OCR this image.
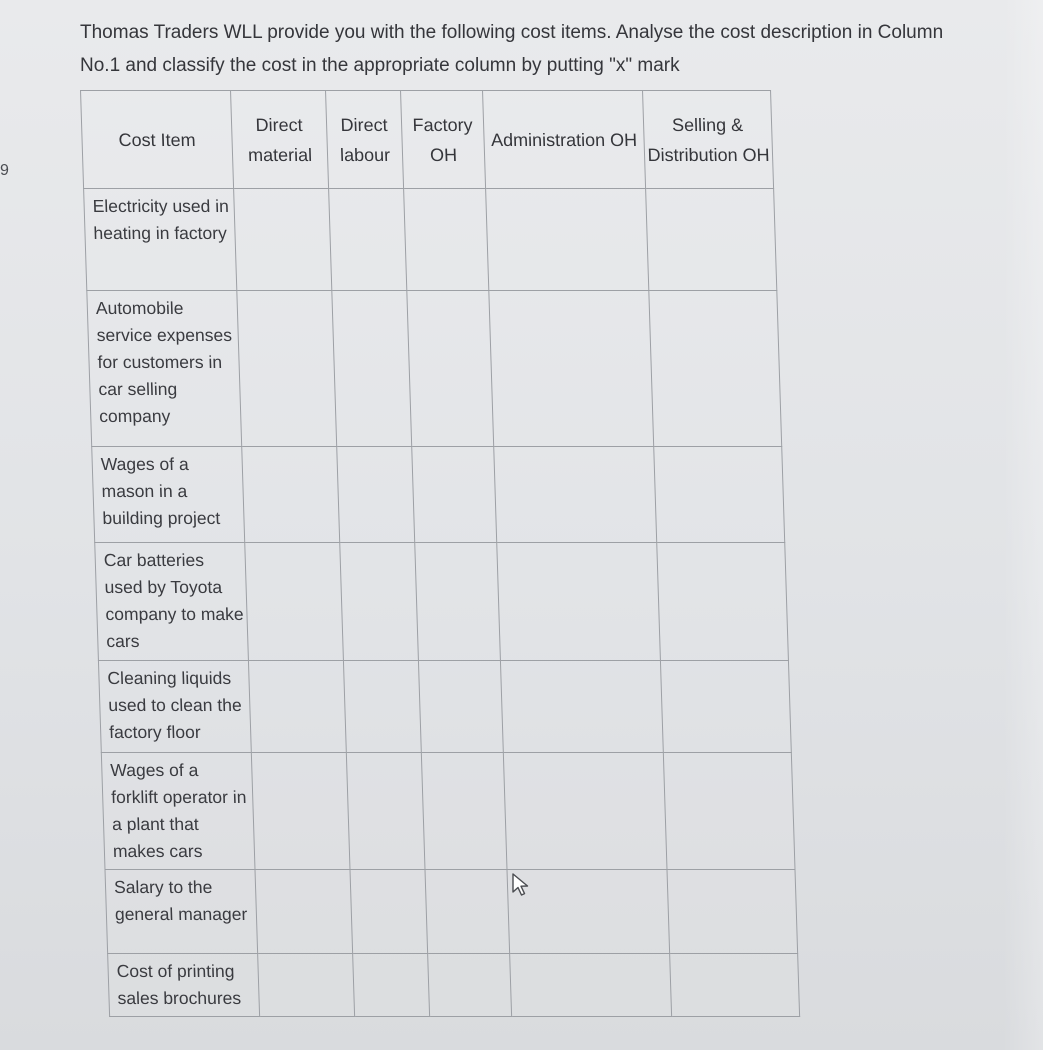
9
Thomas Traders WLL provide you with the following cost items. Analyse the cost description in Column
No.1 and classify the cost in the appropriate column by putting "x" mark
Cost Item	Direct material	Direct labour	Factory OH	Administration OH	Selling & Distribution OH
Electricity used in heating in factory					
Automobile service expenses for customers in car selling company					
Wages of a mason in a building project					
Car batteries used by Toyota company to make cars					
Cleaning liquids used to clean the factory floor					
Wages of a forklift operator in a plant that makes cars					
Salary to the general manager					
Cost of printing sales brochures					
